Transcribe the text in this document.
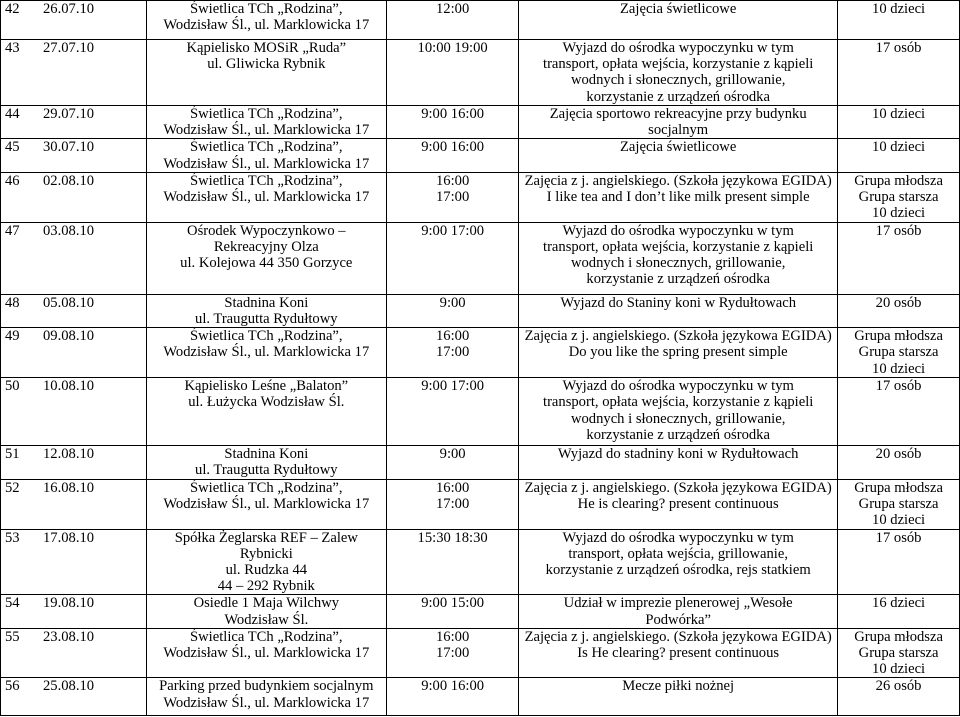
42 26.07.10	Świetlica TCh „Rodzina”,
Wodzisław Śl., ul. Marklowicka 17	12:00	Zajęcia świetlicowe	10 dzieci

43 27.07.10	Kąpielisko MOSiR „Ruda”
ul. Gliwicka Rybnik	10:00 19:00	Wyjazd do ośrodka wypoczynku w tym
transport, opłata wejścia, korzystanie z kąpieli
wodnych i słonecznych, grillowanie,
korzystanie z urządzeń ośrodka	17 osób

44 29.07.10	Świetlica TCh „Rodzina”,
Wodzisław Śl., ul. Marklowicka 17	9:00 16:00	Zajęcia sportowo rekreacyjne przy budynku
socjalnym	10 dzieci

45 30.07.10	Świetlica TCh „Rodzina”,
Wodzisław Śl., ul. Marklowicka 17	9:00 16:00	Zajęcia świetlicowe	10 dzieci

46 02.08.10	Świetlica TCh „Rodzina”,
Wodzisław Śl., ul. Marklowicka 17	16:00
17:00	Zajęcia z j. angielskiego. (Szkoła językowa EGIDA)
I like tea and I don’t like milk present simple	Grupa młodsza
Grupa starsza
10 dzieci

47 03.08.10	Ośrodek Wypoczynkowo –
Rekreacyjny Olza
ul. Kolejowa 44 350 Gorzyce	9:00 17:00	Wyjazd do ośrodka wypoczynku w tym
transport, opłata wejścia, korzystanie z kąpieli
wodnych i słonecznych, grillowanie,
korzystanie z urządzeń ośrodka	17 osób

48 05.08.10	Stadnina Koni
ul. Traugutta Rydułtowy	9:00	Wyjazd do Staniny koni w Rydułtowach	20 osób

49 09.08.10	Świetlica TCh „Rodzina”,
Wodzisław Śl., ul. Marklowicka 17	16:00
17:00	Zajęcia z j. angielskiego. (Szkoła językowa EGIDA)
Do you like the spring present simple	Grupa młodsza
Grupa starsza
10 dzieci

50 10.08.10	Kąpielisko Leśne „Balaton”
ul. Łużycka Wodzisław Śl.	9:00 17:00	Wyjazd do ośrodka wypoczynku w tym
transport, opłata wejścia, korzystanie z kąpieli
wodnych i słonecznych, grillowanie,
korzystanie z urządzeń ośrodka	17 osób

51 12.08.10	Stadnina Koni
ul. Traugutta Rydułtowy	9:00	Wyjazd do stadniny koni w Rydułtowach	20 osób

52 16.08.10	Świetlica TCh „Rodzina”,
Wodzisław Śl., ul. Marklowicka 17	16:00
17:00	Zajęcia z j. angielskiego. (Szkoła językowa EGIDA)
He is clearing? present continuous	Grupa młodsza
Grupa starsza
10 dzieci

53 17.08.10	Spółka Żeglarska REF – Zalew
Rybnicki
ul. Rudzka 44
44 – 292 Rybnik	15:30 18:30	Wyjazd do ośrodka wypoczynku w tym
transport, opłata wejścia, grillowanie,
korzystanie z urządzeń ośrodka, rejs statkiem	17 osób

54 19.08.10	Osiedle 1 Maja Wilchwy
Wodzisław Śl.	9:00 15:00	Udział w imprezie plenerowej „Wesołe
Podwórka”	16 dzieci

55 23.08.10	Świetlica TCh „Rodzina”,
Wodzisław Śl., ul. Marklowicka 17	16:00
17:00	Zajęcia z j. angielskiego. (Szkoła językowa EGIDA)
Is He clearing? present continuous	Grupa młodsza
Grupa starsza
10 dzieci

56 25.08.10	Parking przed budynkiem socjalnym
Wodzisław Śl., ul. Marklowicka 17	9:00 16:00	Mecze piłki nożnej	26 osób
